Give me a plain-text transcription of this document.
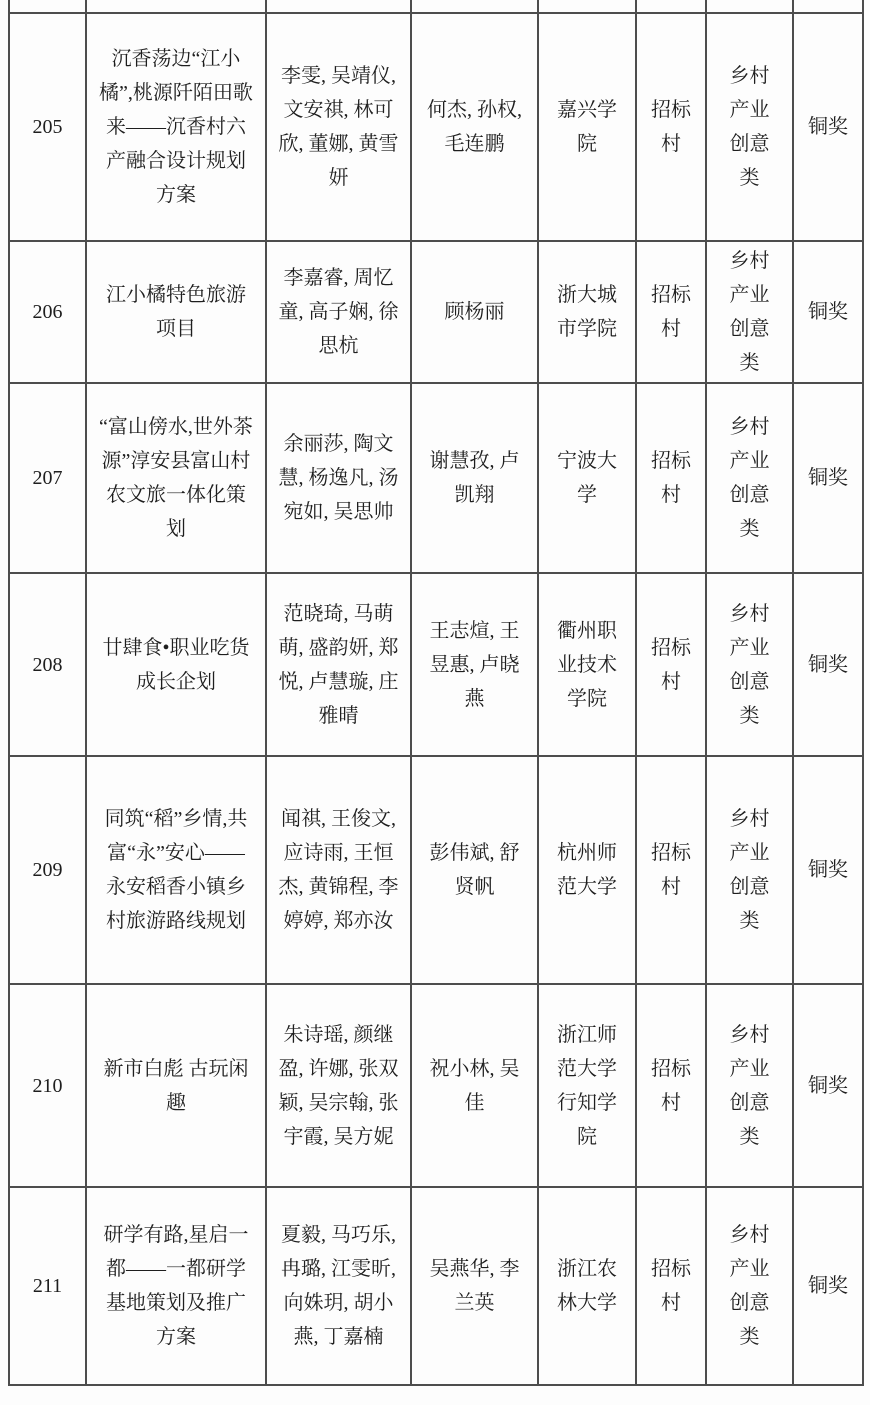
205	沉香荡边“江小橘”,桃源阡陌田歌来——沉香村六产融合设计规划方案	李雯, 吴靖仪, 文安祺, 林可欣, 董娜, 黄雪妍	何杰, 孙权, 毛连鹏	嘉兴学院	招标村	乡村产业创意类	铜奖
206	江小橘特色旅游项目	李嘉睿, 周忆童, 高子娴, 徐思杭	顾杨丽	浙大城市学院	招标村	乡村产业创意类	铜奖
207	“富山傍水,世外茶源”淳安县富山村农文旅一体化策划	余丽莎, 陶文慧, 杨逸凡, 汤宛如, 吴思帅	谢慧孜, 卢凯翔	宁波大学	招标村	乡村产业创意类	铜奖
208	廿肆食•职业吃货成长企划	范晓琦, 马萌萌, 盛韵妍, 郑悦, 卢慧璇, 庄雅晴	王志煊, 王昱惠, 卢晓燕	衢州职业技术学院	招标村	乡村产业创意类	铜奖
209	同筑“稻”乡情,共富“永”安心——永安稻香小镇乡村旅游路线规划	闻祺, 王俊文, 应诗雨, 王恒杰, 黄锦程, 李婷婷, 郑亦汝	彭伟斌, 舒贤帆	杭州师范大学	招标村	乡村产业创意类	铜奖
210	新市白彪 古玩闲趣	朱诗瑶, 颜继盈, 许娜, 张双颖, 吴宗翰, 张宇霞, 吴方妮	祝小林, 吴佳	浙江师范大学行知学院	招标村	乡村产业创意类	铜奖
211	研学有路,星启一都——一都研学基地策划及推广方案	夏毅, 马巧乐, 冉璐, 江雯昕, 向姝玥, 胡小燕, 丁嘉楠	吴燕华, 李兰英	浙江农林大学	招标村	乡村产业创意类	铜奖
